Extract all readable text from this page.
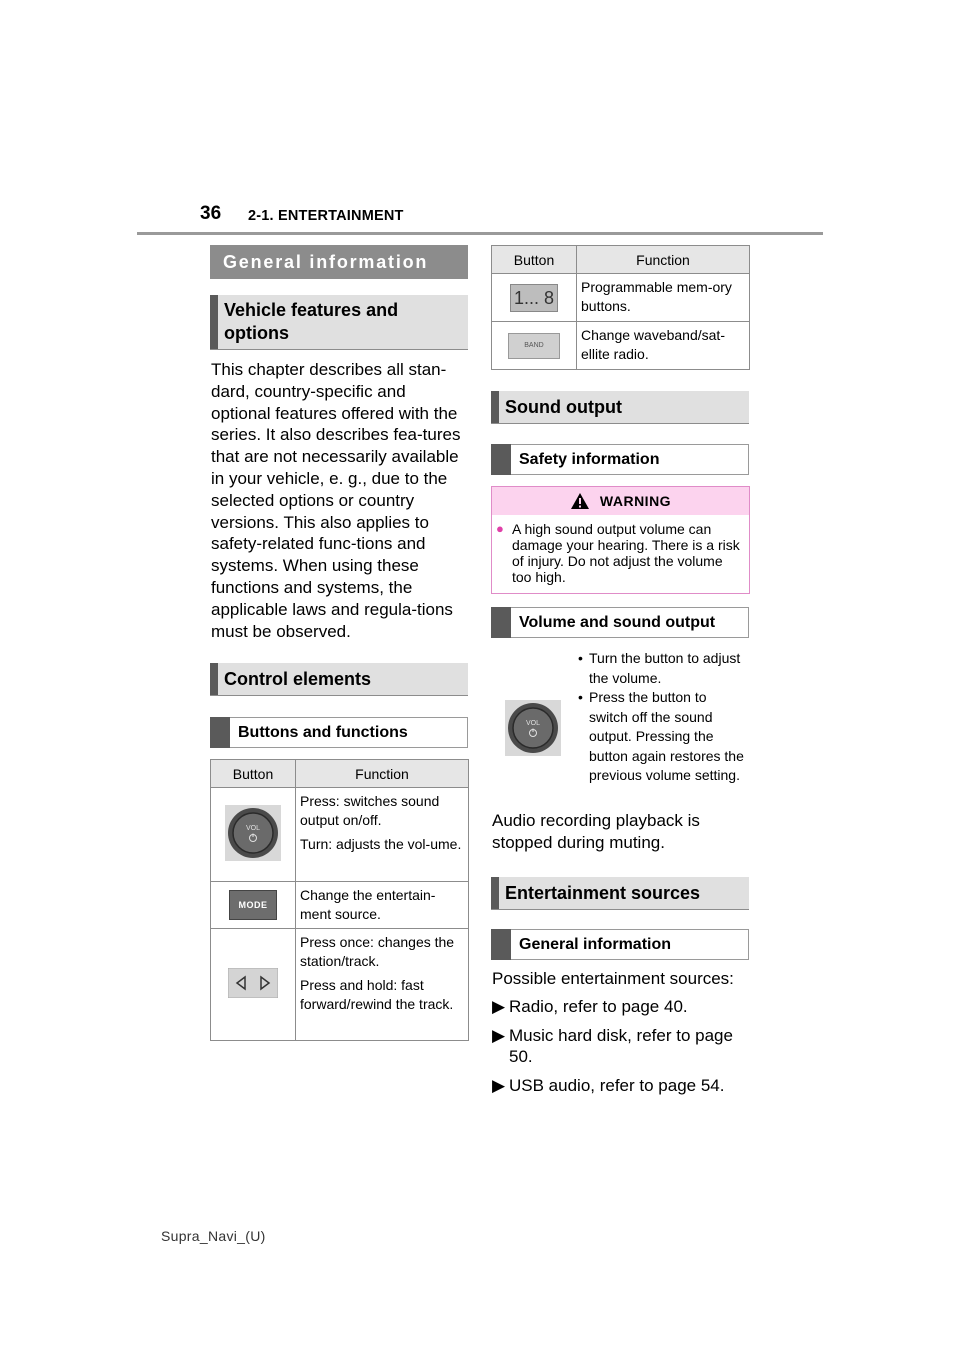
36 2-1. ENTERTAINMENT
General information
Vehicle features and options
This chapter describes all stan-dard, country-specific and optional features offered with the series. It also describes fea-tures that are not necessarily available in your vehicle, e. g., due to the selected options or country versions. This also applies to safety-related func-tions and systems. When using these functions and systems, the applicable laws and regula-tions must be observed.
Control elements
Buttons and functions
Button	Function

VOL	Press: switches sound output on/off.

Turn: adjusts the vol-ume.

MODE	Change the entertain-ment source.

Press once: changes the station/track.

Press and hold: fast forward/rewind the track.

Button	Function
1... 8	Programmable mem-ory buttons.

BAND	Change waveband/sat-ellite radio.

Sound output
Safety information
WARNING
● A high sound output volume can damage your hearing. There is a risk of injury. Do not adjust the volume too high.
Volume and sound output
VOL
• Turn the button to adjust the volume.
• Press the button to switch off the sound output. Pressing the button again restores the previous volume setting.
Audio recording playback is stopped during muting.
Entertainment sources
General information
Possible entertainment sources:
▶ Radio, refer to page 40.
▶ Music hard disk, refer to page 50.
▶ USB audio, refer to page 54.
Supra_Navi_(U)
